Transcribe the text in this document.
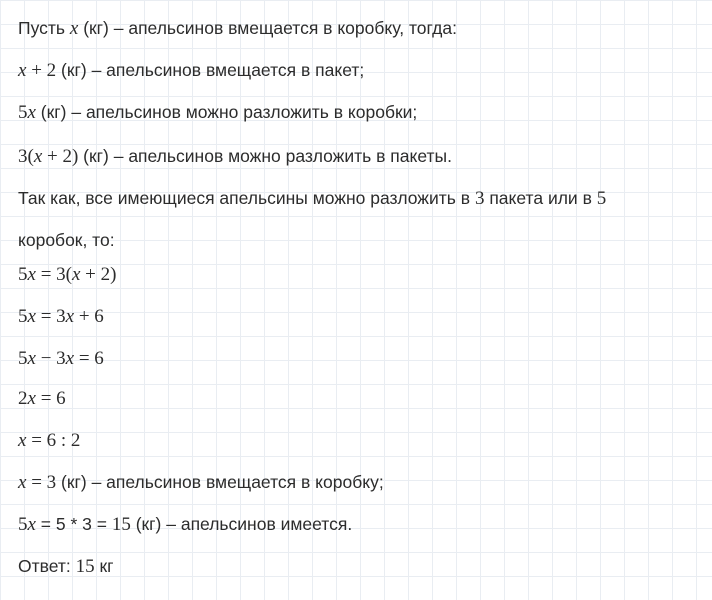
Пусть x (кг) – апельсинов вмещается в коробку, тогда:
x + 2 (кг) – апельсинов вмещается в пакет;
5x (кг) – апельсинов можно разложить в коробки;
3(x + 2) (кг) – апельсинов можно разложить в пакеты.
Так как, все имеющиеся апельсины можно разложить в 3 пакета или в 5
коробок, то:
5x = 3(x + 2)
5x = 3x + 6
5x − 3x = 6
2x = 6
x = 6 : 2
x = 3 (кг) – апельсинов вмещается в коробку;
5x = 5 * 3 = 15 (кг) – апельсинов имеется.
Ответ: 15 кг
